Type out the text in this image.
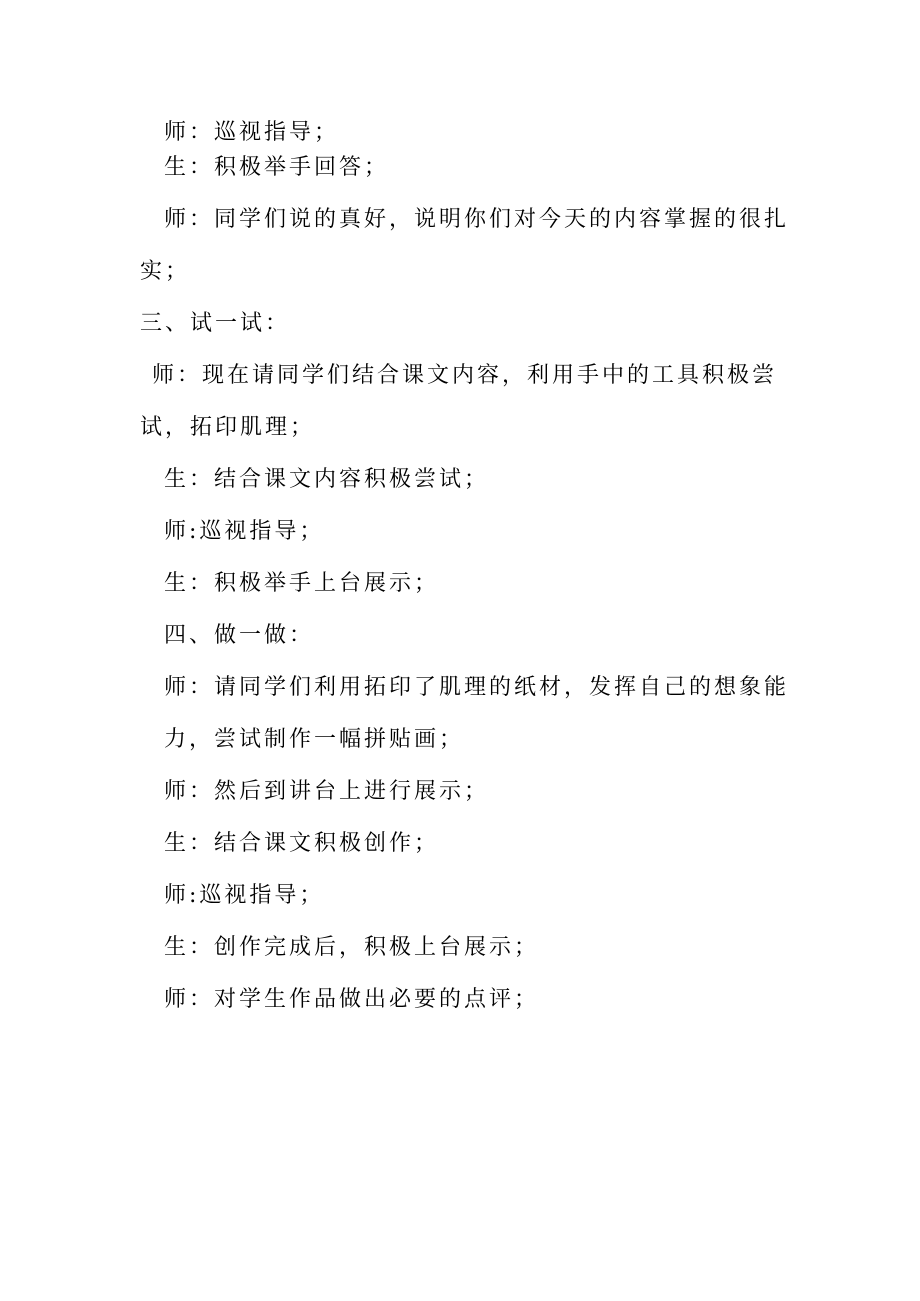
师：巡视指导；
生：积极举手回答；
师：同学们说的真好，说明你们对今天的内容掌握的很扎
实；
三、试一试：
师：现在请同学们结合课文内容，利用手中的工具积极尝
试，拓印肌理；
生：结合课文内容积极尝试；
师:巡视指导；
生：积极举手上台展示；
四、做一做：
师：请同学们利用拓印了肌理的纸材，发挥自己的想象能
力，尝试制作一幅拼贴画；
师：然后到讲台上进行展示；
生：结合课文积极创作；
师:巡视指导；
生：创作完成后，积极上台展示；
师：对学生作品做出必要的点评；
